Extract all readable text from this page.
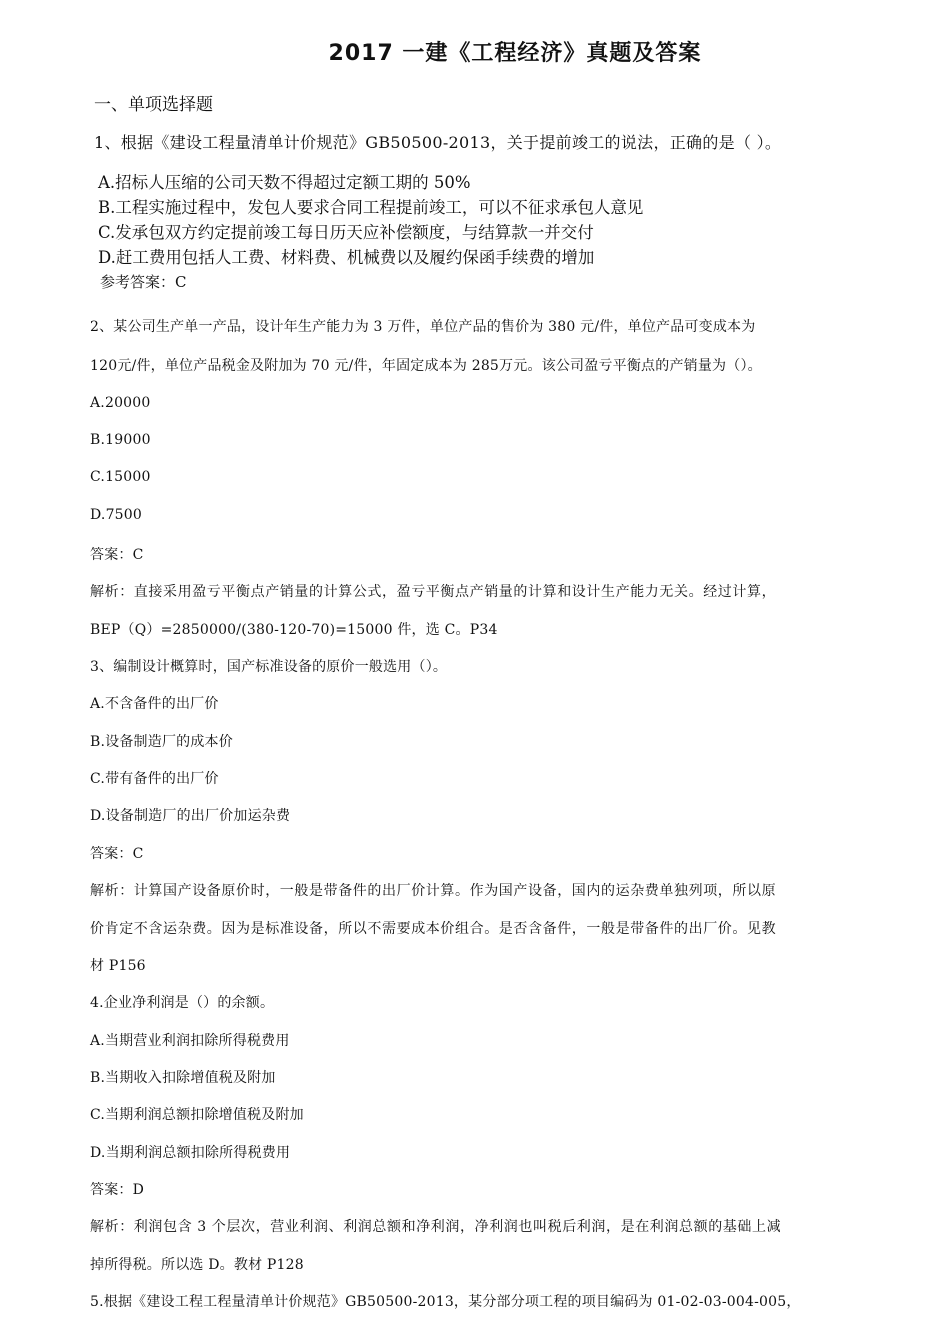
2017 一建《工程经济》真题及答案
一、单项选择题
1、根据《建设工程量清单计价规范》GB50500-2013，关于提前竣工的说法，正确的是（ ）。
A.招标人压缩的公司天数不得超过定额工期的 50%
B.工程实施过程中，发包人要求合同工程提前竣工，可以不征求承包人意见
C.发承包双方约定提前竣工每日历天应补偿额度，与结算款一并交付
D.赶工费用包括人工费、材料费、机械费以及履约保函手续费的增加
参考答案：C
2、某公司生产单一产品，设计年生产能力为 3 万件，单位产品的售价为 380 元/件，单位产品可变成本为
120元/件，单位产品税金及附加为 70 元/件，年固定成本为 285万元。该公司盈亏平衡点的产销量为（）。
A.20000
B.19000
C.15000
D.7500
答案：C
解析：直接采用盈亏平衡点产销量的计算公式，盈亏平衡点产销量的计算和设计生产能力无关。经过计算，
BEP（Q）=2850000/(380-120-70)=15000 件，选 C。P34
3、编制设计概算时，国产标准设备的原价一般选用（）。
A.不含备件的出厂价
B.设备制造厂的成本价
C.带有备件的出厂价
D.设备制造厂的出厂价加运杂费
答案：C
解析：计算国产设备原价时，一般是带备件的出厂价计算。作为国产设备，国内的运杂费单独列项，所以原
价肯定不含运杂费。因为是标准设备，所以不需要成本价组合。是否含备件，一般是带备件的出厂价。见教
材 P156
4.企业净利润是（）的余额。
A.当期营业利润扣除所得税费用
B.当期收入扣除增值税及附加
C.当期利润总额扣除增值税及附加
D.当期利润总额扣除所得税费用
答案：D
解析：利润包含 3 个层次，营业利润、利润总额和净利润，净利润也叫税后利润，是在利润总额的基础上减
掉所得税。所以选 D。教材 P128
5.根据《建设工程工程量清单计价规范》GB50500-2013，某分部分项工程的项目编码为 01-02-03-004-005，
